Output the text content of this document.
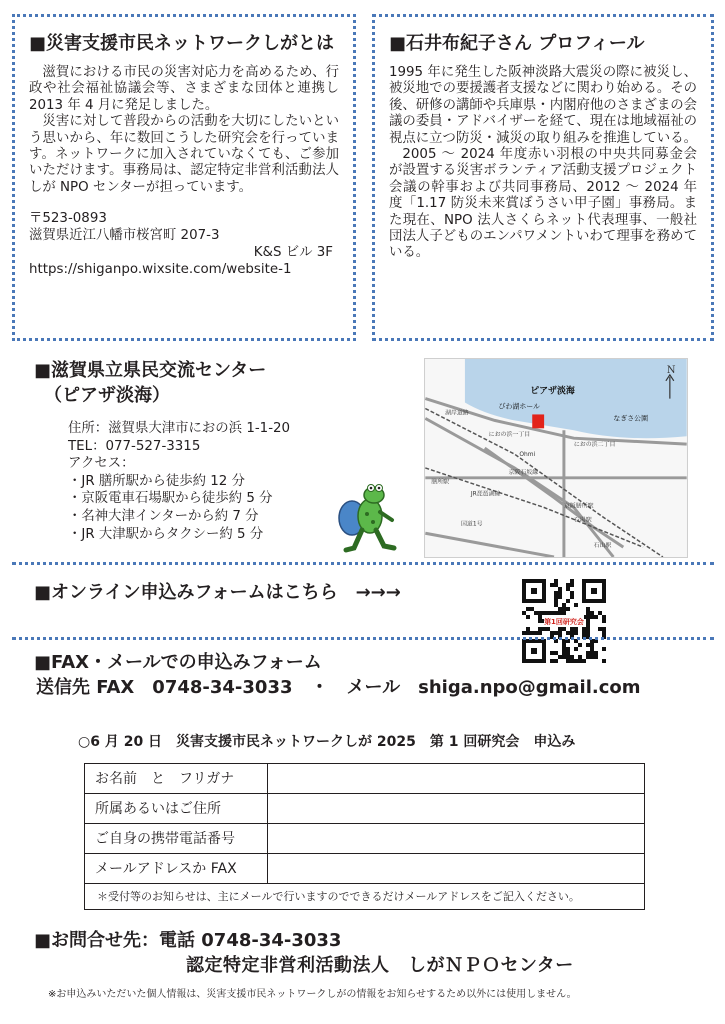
■災害支援市民ネットワークしがとは

滋賀における市民の災害対応力を高めるため、行政や社会福祉協議会等、さまざまな団体と連携し 2013 年 4 月に発足しました。

災害に対して普段からの活動を大切にしたいという思いから、年に数回こうした研究会を行っています。ネットワークに加入されていなくても、ご参加いただけます。事務局は、認定特定非営利活動法人しが NPO センターが担っています。

〒523-0893
滋賀県近江八幡市桜宮町 207-3
K&S ビル 3F
https://shiganpo.wixsite.com/website-1
■石井布紀子さん プロフィール

1995 年に発生した阪神淡路大震災の際に被災し、被災地での要援護者支援などに関わり始める。その後、研修の講師や兵庫県・内閣府他のさまざまの会議の委員・アドバイザーを経て、現在は地域福祉の視点に立つ防災・減災の取り組みを推進している。

2005 ～ 2024 年度赤い羽根の中央共同募金会が設置する災害ボランティア活動支援プロジェクト会議の幹事および共同事務局、2012 ～ 2024 年度「1.17 防災未来賞ぼうさい甲子園」事務局。また現在、NPO 法人さくらネット代表理事、一般社団法人子どものエンパワメントいわて理事を務めている。

■滋賀県立県民交流センター
（ピアザ淡海）
住所：滋賀県大津市におの浜 1-1-20
TEL：077-527-3315
アクセス：
・JR 膳所駅から徒歩約 12 分
・京阪電車石場駅から徒歩約 5 分
・名神大津インターから約 7 分
・JR 大津駅からタクシー約 5 分
N
ピアザ淡海
びわ湖ホール
なぎさ公園
湖岸道路
におの浜一丁目
におの浜二丁目
Ohmi
膳所駅
京阪石坂線
JR琵琶湖線
国道1号
石場駅
京阪膳所駅
石山駅
■オンライン申込みフォームはこちら　→→→
第1回研究会
■FAX・メールでの申込みフォーム
送信先 FAX　0748-34-3033　・　メール　shiga.npo@gmail.com
○6 月 20 日　災害支援市民ネットワークしが 2025　第 1 回研究会　申込み
お名前　と　フリガナ
所属あるいはご住所
ご自身の携帯電話番号
メールアドレスか FAX
＊受付等のお知らせは、主にメールで行いますのでできるだけメールアドレスをご記入ください。
■お問合せ先：電話 0748-34-3033
認定特定非営利活動法人　しがＮＰＯセンター
※お申込みいただいた個人情報は、災害支援市民ネットワークしがの情報をお知らせするため以外には使用しません。
